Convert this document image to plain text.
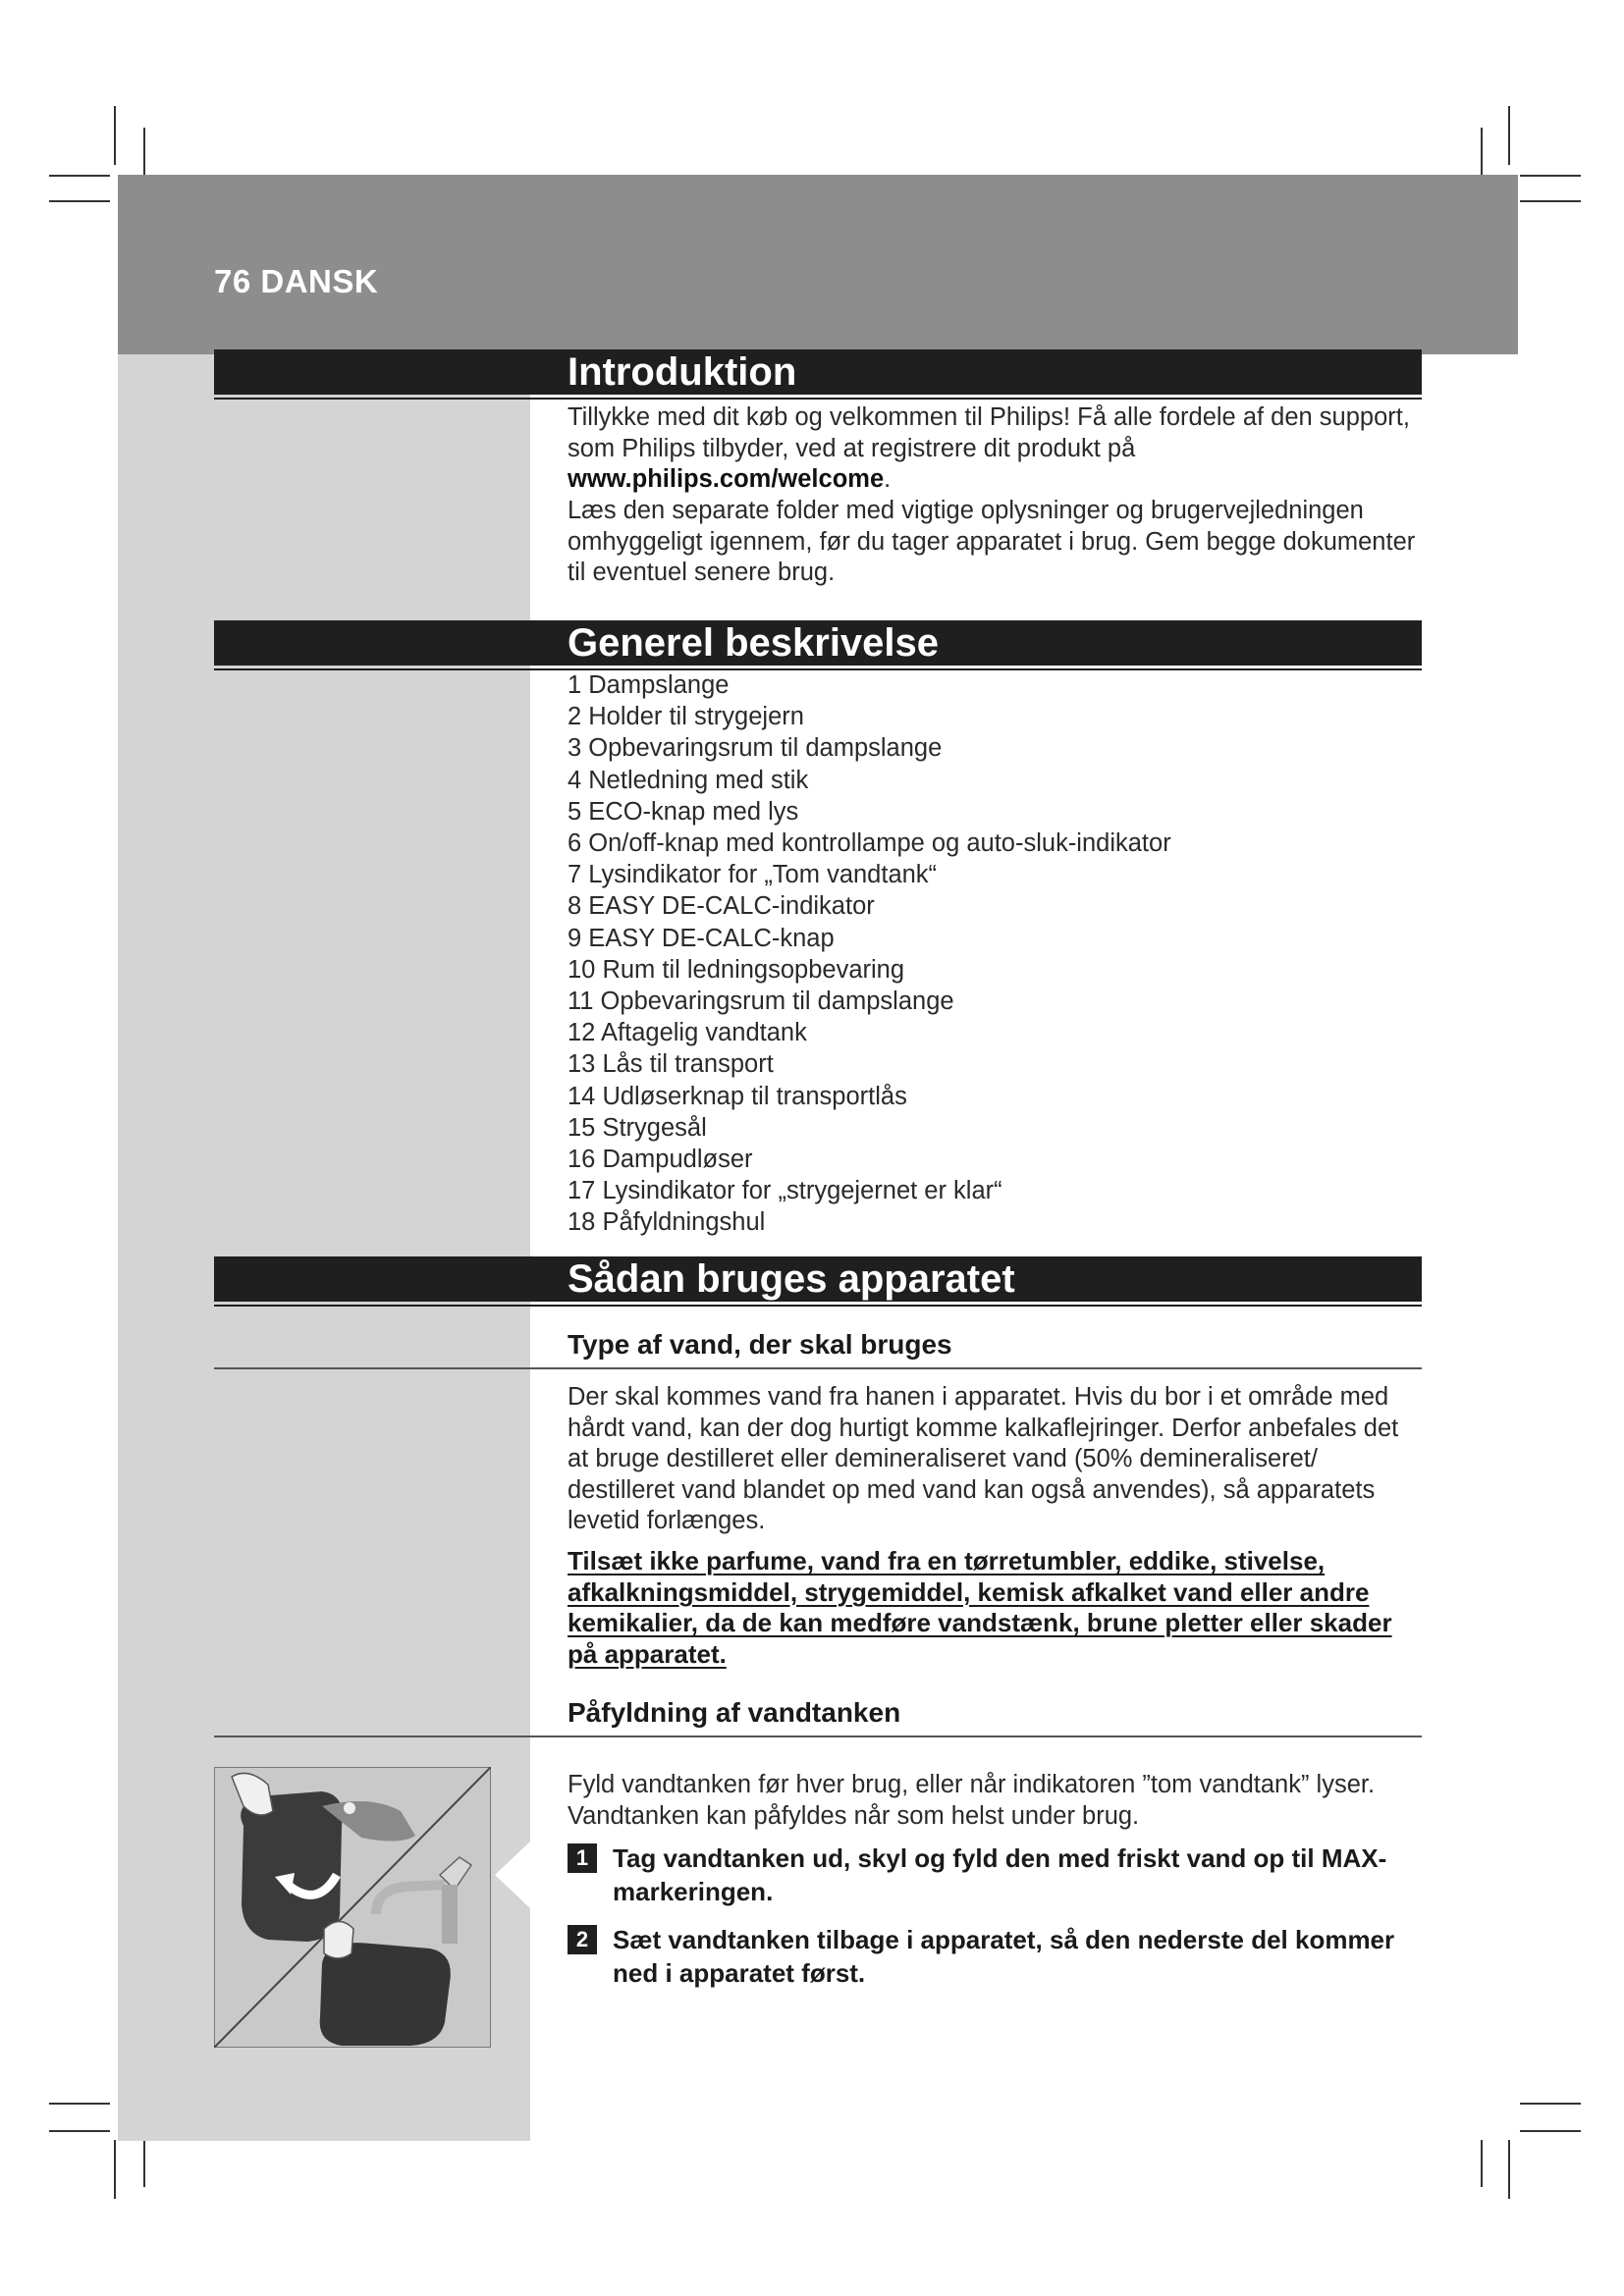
76 DANSK
Introduktion
Tillykke med dit køb og velkommen til Philips! Få alle fordele af den support, som Philips tilbyder, ved at registrere dit produkt på www.philips.com/welcome.
Læs den separate folder med vigtige oplysninger og brugervejledningen omhyggeligt igennem, før du tager apparatet i brug. Gem begge dokumenter til eventuel senere brug.
Generel beskrivelse
1 Dampslange
2 Holder til strygejern
3 Opbevaringsrum til dampslange
4 Netledning med stik
5 ECO-knap med lys
6 On/off-knap med kontrollampe og auto-sluk-indikator
7 Lysindikator for „Tom vandtank“
8 EASY DE-CALC-indikator
9 EASY DE-CALC-knap
10 Rum til ledningsopbevaring
11 Opbevaringsrum til dampslange
12 Aftagelig vandtank
13 Lås til transport
14 Udløserknap til transportlås
15 Strygesål
16 Dampudløser
17 Lysindikator for „strygejernet er klar“
18 Påfyldningshul
Sådan bruges apparatet
Type af vand, der skal bruges
Der skal kommes vand fra hanen i apparatet. Hvis du bor i et område med hårdt vand, kan der dog hurtigt komme kalkaflejringer. Derfor anbefales det at bruge destilleret eller demineraliseret vand (50% demineraliseret/ destilleret vand blandet op med vand kan også anvendes), så apparatets levetid forlænges.
Tilsæt ikke parfume, vand fra en tørretumbler, eddike, stivelse, afkalkningsmiddel, strygemiddel, kemisk afkalket vand eller andre kemikalier, da de kan medføre vandstænk, brune pletter eller skader på apparatet.
Påfyldning af vandtanken
Fyld vandtanken før hver brug, eller når indikatoren ”tom vandtank” lyser. Vandtanken kan påfyldes når som helst under brug.
1 Tag vandtanken ud, skyl og fyld den med friskt vand op til MAX-markeringen.
2 Sæt vandtanken tilbage i apparatet, så den nederste del kommer ned i apparatet først.
